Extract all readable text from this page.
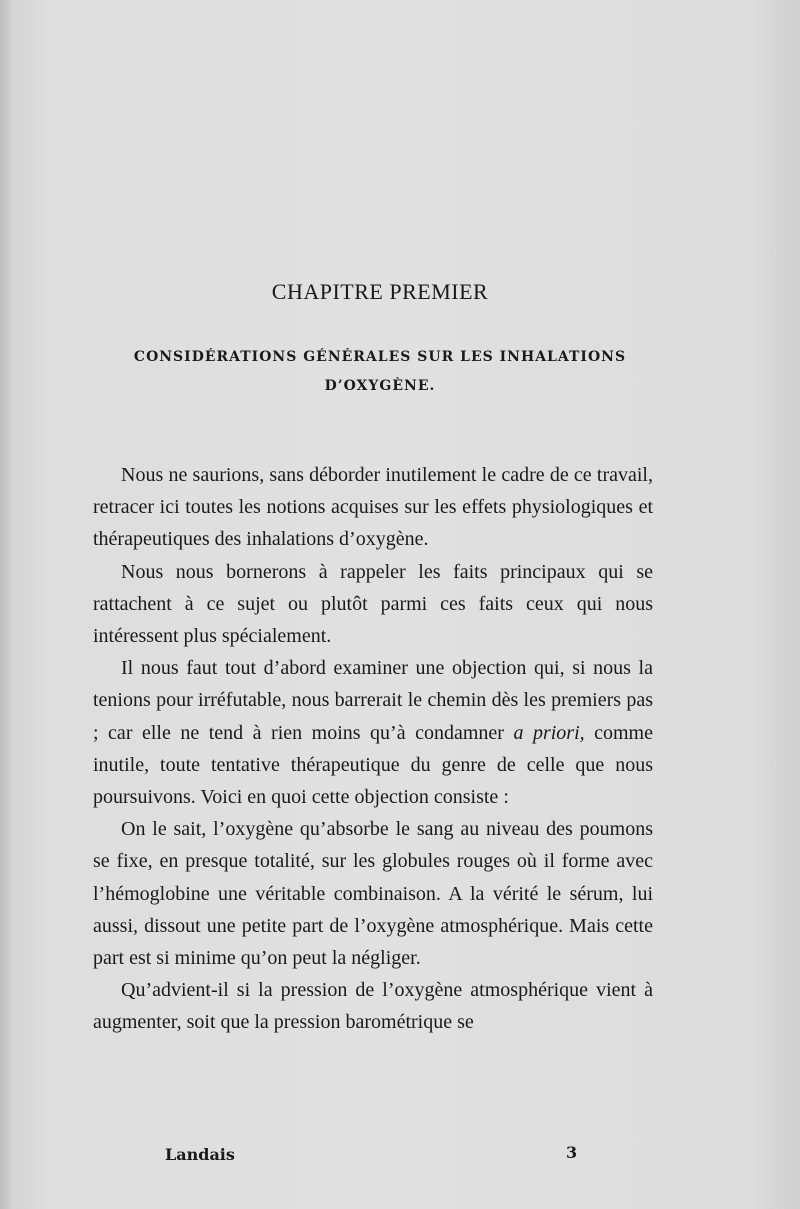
CHAPITRE PREMIER
CONSIDÉRATIONS GÉNÉRALES SUR LES INHALATIONS
D’OXYGÈNE.

Nous ne saurions, sans déborder inutilement le cadre de ce travail, retracer ici toutes les notions acquises sur les effets physiologiques et thérapeutiques des inhalations d’oxygène.

Nous nous bornerons à rappeler les faits principaux qui se rattachent à ce sujet ou plutôt parmi ces faits ceux qui nous intéressent plus spécialement.

Il nous faut tout d’abord examiner une objection qui, si nous la tenions pour irréfutable, nous barrerait le chemin dès les premiers pas ; car elle ne tend à rien moins qu’à condamner a priori, comme inutile, toute tentative thérapeutique du genre de celle que nous poursuivons. Voici en quoi cette objection consiste :

On le sait, l’oxygène qu’absorbe le sang au niveau des poumons se fixe, en presque totalité, sur les globules rouges où il forme avec l’hémoglobine une véritable combinaison. A la vérité le sérum, lui aussi, dissout une petite part de l’oxygène atmosphérique. Mais cette part est si minime qu’on peut la négliger.

Qu’advient-il si la pression de l’oxygène atmosphérique vient à augmenter, soit que la pression barométrique se

Landais	3
